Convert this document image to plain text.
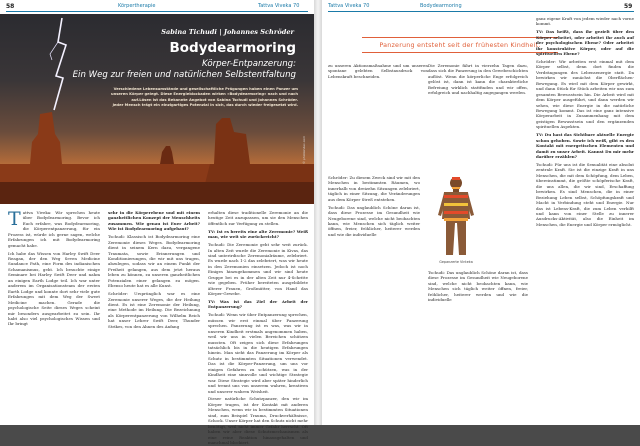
58	Körpertherapie	Tattva Viveka 70
Sabina Tichudi | Johannes Schröder
Bodydearmoring
Körper-Entpanzerung:
Ein Weg zur freien und natürlichen Selbstentfaltung
Verschiedene Lebensumstände und gesellschaftliche Prägungen haben einen Panzer um
unseren Körper gelegt. Diese Energieblockaden wirken »Bodydearmoring« nach und nach
auf.Lösen ist das Bekannte Angebot von Sabina Tschudi und Johannes Schröder.
Jeder Mensch trägt ein einzigartiges Potenzial in sich, das durch wieder freigesetzt wird.
© photoindex.com

Tattva Viveka: Wir sprechen heute über Bodydearmoring. Bevor ich Euch erfahre, was Bodydearmoring, die Körperentpanzerung, für ein Prozess ist, würde ich gerne sagen, welche Erfahrungen ich mit Bodydearmoring gemacht habe.

Ich habe das Wissen von Harley Swift Deer Reagan, der den Weg Seven Medicine Sundance Path, eine Form des indianischen Schamanismus, geht. Ich besuchte einige Seminare bei Harley Swift Deer und nahm an einigen Earth Lodge teil. Ich war unter anderem im Organisationsteam der ersten Earth Lodge und konnte dort sehr viele gute Erfahrungen mit dem Weg der Sweet Medicine machen. Gerade die psychologische Seite dieses Weges scheint mir besonders ausgearbeitet zu sein. Ihr habt also viel psychologisches Wissen und Ihr bringt

sehr in die Körperebene und mit einem ganzheitlichen Konzept der Menschheits zusammen. Wie genau ist Euer Arbeit? Wie ist Bodydearmoring aufgebaut?

Tschudi: Klassisch ist Bodydearmoring eine Zeremonie dieses Weges. Bodydearmoring dient in seinem Kern dazu, vergangene Traumata, sowie Erinnerungen und Konditionierungen, die wir mit uns tragen, abzulegen, sodass wir an einem Punkt der Freiheit gelangen, aus dem jetzt heraus leben zu können, zu unseren ganzheitlichen Potenzialen einer gelangen zu mögen. Ebenso heute hat es alle Kunst.

Schröder: Ursprünglich war es eine Zeremonie unserer Weges, die der Heilung dient. Es ist eine Zeremonie der Heilung, eine Methode im Heilung. Die Bezeichnung als Körperentpanzerung von Wilhelm Reich hat unser Lehrer Swift Deer, Thunder Strikes, von den Ahnen des Anfang

erhalten diese traditionelle Zeremonie an die heutige Zeit anzupassen, um sie den Menschen öffentlich zur Verfügung zu stellen.

TV: Ist es bereits eine alte Zeremonie? Weiß man, wie weit sie zurückreicht?

Tschudi: Die Zeremonie geht sehr weit zurück. In alten Zeit wurde die Zeremonie in Kivas, das sind unterirdische Zeremonialräume, zelebriert. Es wurde nach 1-2 das zelebriert, was wir heute in den Zeremonien einsetzen. Jedoch ist noch Einiges hinzugekommen und wir sind heute Gruppe bei es in der alten Zeit nur 4-Schritte wie gegeben. Früher bereiteten ausgebildete älterer Frauen, Großmütter, von Hand das Körper-Gewebe.

TV: Was ist das Ziel der Arbeit der Entpanzerung?

Tschudi: Wenn wir über Entpanzerung sprechen, müssen wir erst einmal über Panzerung sprechen. Panzerung ist es was, was wir in unseren Kindheit erstmals angenommen haben, weil wir uns in vielen Bereichen schützen mussten. Oft zeigen sich diese Erfahrungen tatsächlich bis in die heutigen Erfahrungen hinein. Man sieht das Panzerung im Körper als Schutz in bestimmten Situationen verwendet. Das ist die Körper-Panzerung, um uns vor einigen Gefahren zu schützen, was in der Kindheit eine sinnvolle und wichtige Strategie war. Diese Strategie wird aber später hinderlich und trennt uns von unserem wahren, kreativen und unserer wahren Weisheit.

Dieser natürliche Schutzpanzer, den wir im Körper tragen, ist der Kontakt mit anderen Menschen, wenn wir in bestimmten Situationen sind, zum Beispiel Trauma, Druckverhältnisse, Schock. Unser Körper hat den Schutz nicht mehr benötigt, weil nicht immer Gefahr herrscht. Oft haben wir aber diese Schutzmechanismen als eine reine Reaktion hinausgehalten und manchmal blockiert.

Tattva Viveka 70	Bodydearmoring	59
Panzerung entsteht seit der frühesten Kindheit.

zu unseren Aktionsmaßnahme und um unseren spontane gelebten Selbstausdruck von Lebenskraft beschneiden.

Die Zeremonie fährt in vierzehn Tagen dazu, dass sich die Panzerung in den Gewebeschichten auflöst. Wenn die körperliche Enge erfolgreich gelöst ist, dann ist kann die charakterliche Befreiung wirklich stattfinden und wir offen, erfolgreich und nachhaltig angegangen werden.

Gepanzerte Vinteka

Schröder: Zu diesem Zweck sind wir mit den Menschen in bestimmten Räumen, wo innerhalb von dreizehn Sitzungen zelebriert, täglich in einer Sitzung, die Veränderungen aus dem Körper Streß entstehen.

Tschudi: Das unglaublich Schöne daran ist, dass diese Prozesse im Gesundheit wie Neugeborene sind, welche nicht beobachten kann, wie Menschen sich täglich weiter öffnen, freier, fröhlicher, heiterer werden und wie die individuelle

Tschudi: Das unglaublich Schöne daran ist, dass diese Prozesse im Gesundheit wie Neugeborene sind, welche nicht beobachten kann, wie Menschen sich täglich weiter öffnen, freier, fröhlicher, heiterer werden und wie die individuelle

ganz eigene Kraft von jedem wieder nach vorne kommt.

TV: Das heißt, dass ihr gezielt über den Körper arbeitet, oder arbeitet ihr auch auf der psychologischen Ebene? Oder arbeitet ihr konstruktive Körper, oder auf die spirituellen Ebene?

Schröder: Wir arbeiten erst einmal mit dem Körper selbst, denn dort finden die Verdrängungen des Lebensenergie statt. Da bewirken wir zunächst die Oberflächen-Bewegung. Es wird mit dem Körper gewirkt, und dann Stück für Stück arbeiten wir uns zum gesamten Bewusstsein hin. Die Arbeit wird mit dem Körper ausgeführt, und dann werden wir sehen, wie diese Energie in die natürliche Bewegung kommt. Das ist eine ganz intensive Körperarbeit in Zusammenhang mit dem geistigen Bewusstsein und den ergänzenden spirituellen Aspekten.

TV: Du hast das Sichtbare aktuelle Energie schon gehoben. Sowie ich weiß, gibt es den Kontakt mit energetischen Elementen und damit zu unser Arbeit. Kannst Du mir mehr darüber erzählen?

Tschudi: Für uns ist die Sexualität eine absolut zentrale Kraft. Sie ist die einzige Kraft in uns Menschen, die mit dem Schöpfung, dem Leben, übereinstimmt, die größte schöpferische Kraft, die uns allen, die wir sind, Erschaffung bewirken. Es sind Menschen, die in einer Beziehung Leben selbst, Schöpfungskraft und Macht in Verbindung steht und Energie. Nur das ist Lebens-Kraft, die zum Leben verhilft und kann von einer Stelle zu innerer Ausdrucks-Aktivität, also die Einheit im Menschen, die Energie und Körper ermöglicht.
